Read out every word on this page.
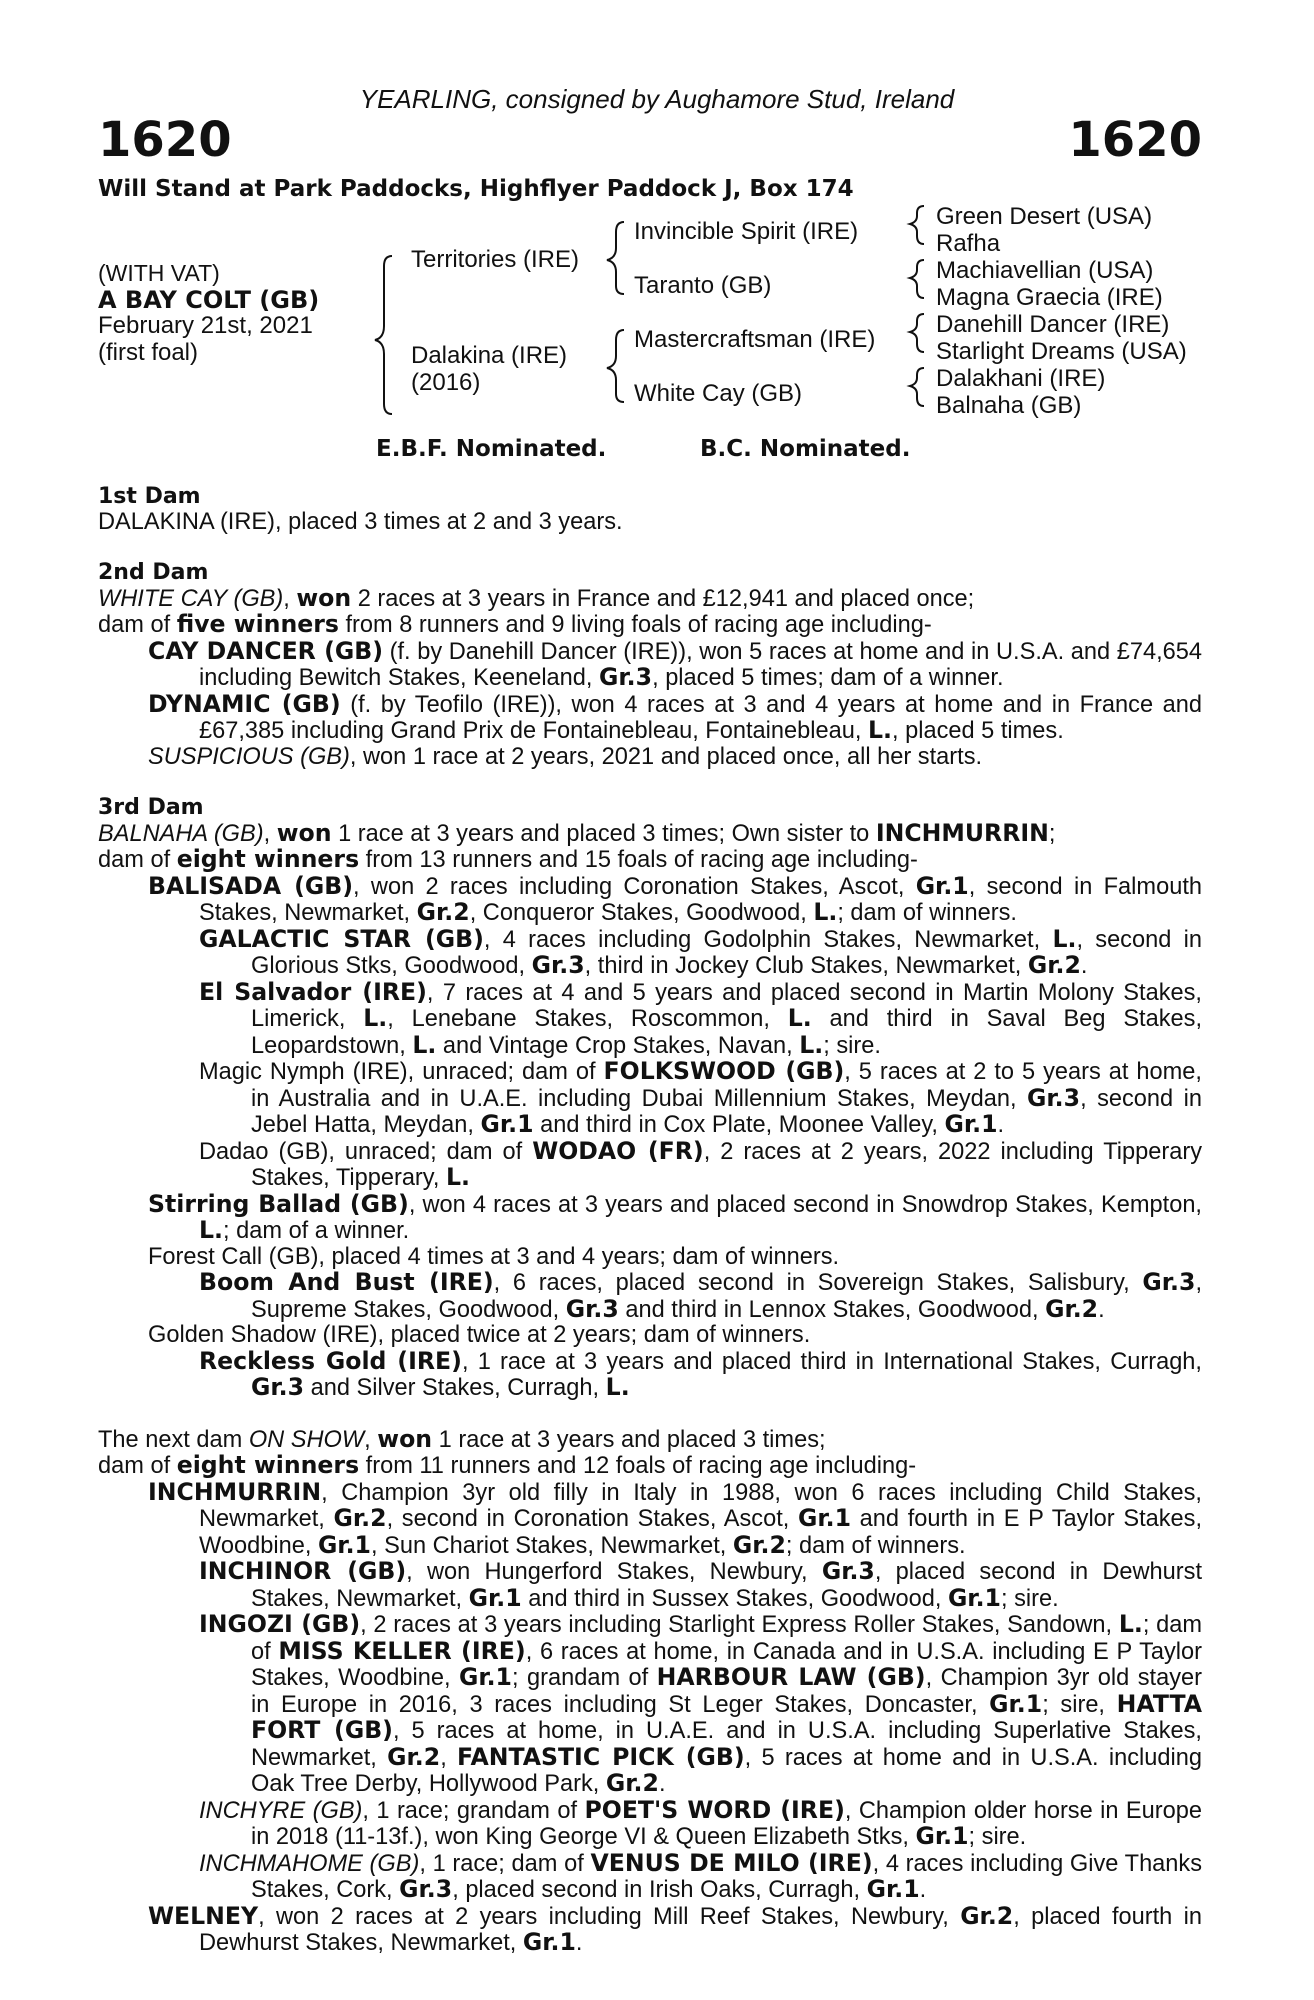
YEARLING, consigned by Aughamore Stud, Ireland
1620	1620
Will Stand at Park Paddocks, Highflyer Paddock J, Box 174
(WITH VAT)
A BAY COLT (GB)
February 21st, 2021
(first foal)
Territories (IRE)
Dalakina (IRE)
(2016)
Invincible Spirit (IRE)
Taranto (GB)
Mastercraftsman (IRE)
White Cay (GB)
Green Desert (USA)
Rafha
Machiavellian (USA)
Magna Graecia (IRE)
Danehill Dancer (IRE)
Starlight Dreams (USA)
Dalakhani (IRE)
Balnaha (GB)
E.B.F. Nominated.	B.C. Nominated.

1st Dam

DALAKINA (IRE), placed 3 times at 2 and 3 years.

2nd Dam

WHITE CAY (GB), won 2 races at 3 years in France and £12,941 and placed once;

dam of five winners from 8 runners and 9 living foals of racing age including-

CAY DANCER (GB) (f. by Danehill Dancer (IRE)), won 5 races at home and in U.S.A. and £74,654 including Bewitch Stakes, Keeneland, Gr.3, placed 5 times; dam of a winner.

DYNAMIC (GB) (f. by Teofilo (IRE)), won 4 races at 3 and 4 years at home and in France and £67,385 including Grand Prix de Fontainebleau, Fontainebleau, L., placed 5 times.

SUSPICIOUS (GB), won 1 race at 2 years, 2021 and placed once, all her starts.

3rd Dam

BALNAHA (GB), won 1 race at 3 years and placed 3 times; Own sister to INCHMURRIN;

dam of eight winners from 13 runners and 15 foals of racing age including-

BALISADA (GB), won 2 races including Coronation Stakes, Ascot, Gr.1, second in Falmouth Stakes, Newmarket, Gr.2, Conqueror Stakes, Goodwood, L.; dam of winners.

GALACTIC STAR (GB), 4 races including Godolphin Stakes, Newmarket, L., second in Glorious Stks, Goodwood, Gr.3, third in Jockey Club Stakes, Newmarket, Gr.2.

El Salvador (IRE), 7 races at 4 and 5 years and placed second in Martin Molony Stakes, Limerick, L., Lenebane Stakes, Roscommon, L. and third in Saval Beg Stakes, Leopardstown, L. and Vintage Crop Stakes, Navan, L.; sire.

Magic Nymph (IRE), unraced; dam of FOLKSWOOD (GB), 5 races at 2 to 5 years at home, in Australia and in U.A.E. including Dubai Millennium Stakes, Meydan, Gr.3, second in Jebel Hatta, Meydan, Gr.1 and third in Cox Plate, Moonee Valley, Gr.1.

Dadao (GB), unraced; dam of WODAO (FR), 2 races at 2 years, 2022 including Tipperary Stakes, Tipperary, L.

Stirring Ballad (GB), won 4 races at 3 years and placed second in Snowdrop Stakes, Kempton, L.; dam of a winner.

Forest Call (GB), placed 4 times at 3 and 4 years; dam of winners.

Boom And Bust (IRE), 6 races, placed second in Sovereign Stakes, Salisbury, Gr.3, Supreme Stakes, Goodwood, Gr.3 and third in Lennox Stakes, Goodwood, Gr.2.

Golden Shadow (IRE), placed twice at 2 years; dam of winners.

Reckless Gold (IRE), 1 race at 3 years and placed third in International Stakes, Curragh, Gr.3 and Silver Stakes, Curragh, L.

The next dam ON SHOW, won 1 race at 3 years and placed 3 times;

dam of eight winners from 11 runners and 12 foals of racing age including-

INCHMURRIN, Champion 3yr old filly in Italy in 1988, won 6 races including Child Stakes, Newmarket, Gr.2, second in Coronation Stakes, Ascot, Gr.1 and fourth in E P Taylor Stakes, Woodbine, Gr.1, Sun Chariot Stakes, Newmarket, Gr.2; dam of winners.

INCHINOR (GB), won Hungerford Stakes, Newbury, Gr.3, placed second in Dewhurst Stakes, Newmarket, Gr.1 and third in Sussex Stakes, Goodwood, Gr.1; sire.

INGOZI (GB), 2 races at 3 years including Starlight Express Roller Stakes, Sandown, L.; dam of MISS KELLER (IRE), 6 races at home, in Canada and in U.S.A. including E P Taylor Stakes, Woodbine, Gr.1; grandam of HARBOUR LAW (GB), Champion 3yr old stayer in Europe in 2016, 3 races including St Leger Stakes, Doncaster, Gr.1; sire, HATTA FORT (GB), 5 races at home, in U.A.E. and in U.S.A. including Superlative Stakes, Newmarket, Gr.2, FANTASTIC PICK (GB), 5 races at home and in U.S.A. including Oak Tree Derby, Hollywood Park, Gr.2.

INCHYRE (GB), 1 race; grandam of POET'S WORD (IRE), Champion older horse in Europe in 2018 (11-13f.), won King George VI & Queen Elizabeth Stks, Gr.1; sire.

INCHMAHOME (GB), 1 race; dam of VENUS DE MILO (IRE), 4 races including Give Thanks Stakes, Cork, Gr.3, placed second in Irish Oaks, Curragh, Gr.1.

WELNEY, won 2 races at 2 years including Mill Reef Stakes, Newbury, Gr.2, placed fourth in Dewhurst Stakes, Newmarket, Gr.1.
